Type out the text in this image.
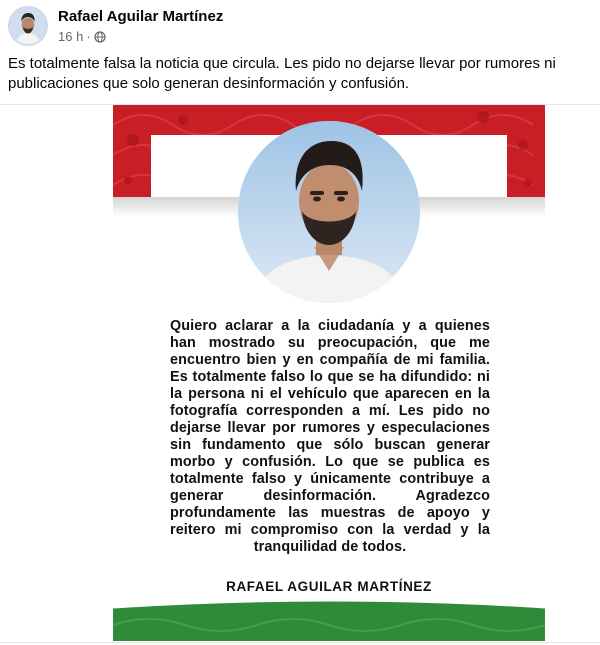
Rafael Aguilar Martínez
16 h ·
Es totalmente falsa la noticia que circula. Les pido no dejarse llevar por rumores ni publicaciones que solo generan desinformación y confusión.
Quiero aclarar a la ciudadanía y a quienes han mostrado su preocupación, que me encuentro bien y en compañía de mi familia. Es totalmente falso lo que se ha difundido: ni la persona ni el vehículo que aparecen en la fotografía corresponden a mí. Les pido no dejarse llevar por rumores y especulaciones sin fundamento que sólo buscan generar morbo y confusión. Lo que se publica es totalmente falso y únicamente contribuye a generar desinformación. Agradezco profundamente las muestras de apoyo y reitero mi compromiso con la verdad y la tranquilidad de todos.
RAFAEL AGUILAR MARTÍNEZ
